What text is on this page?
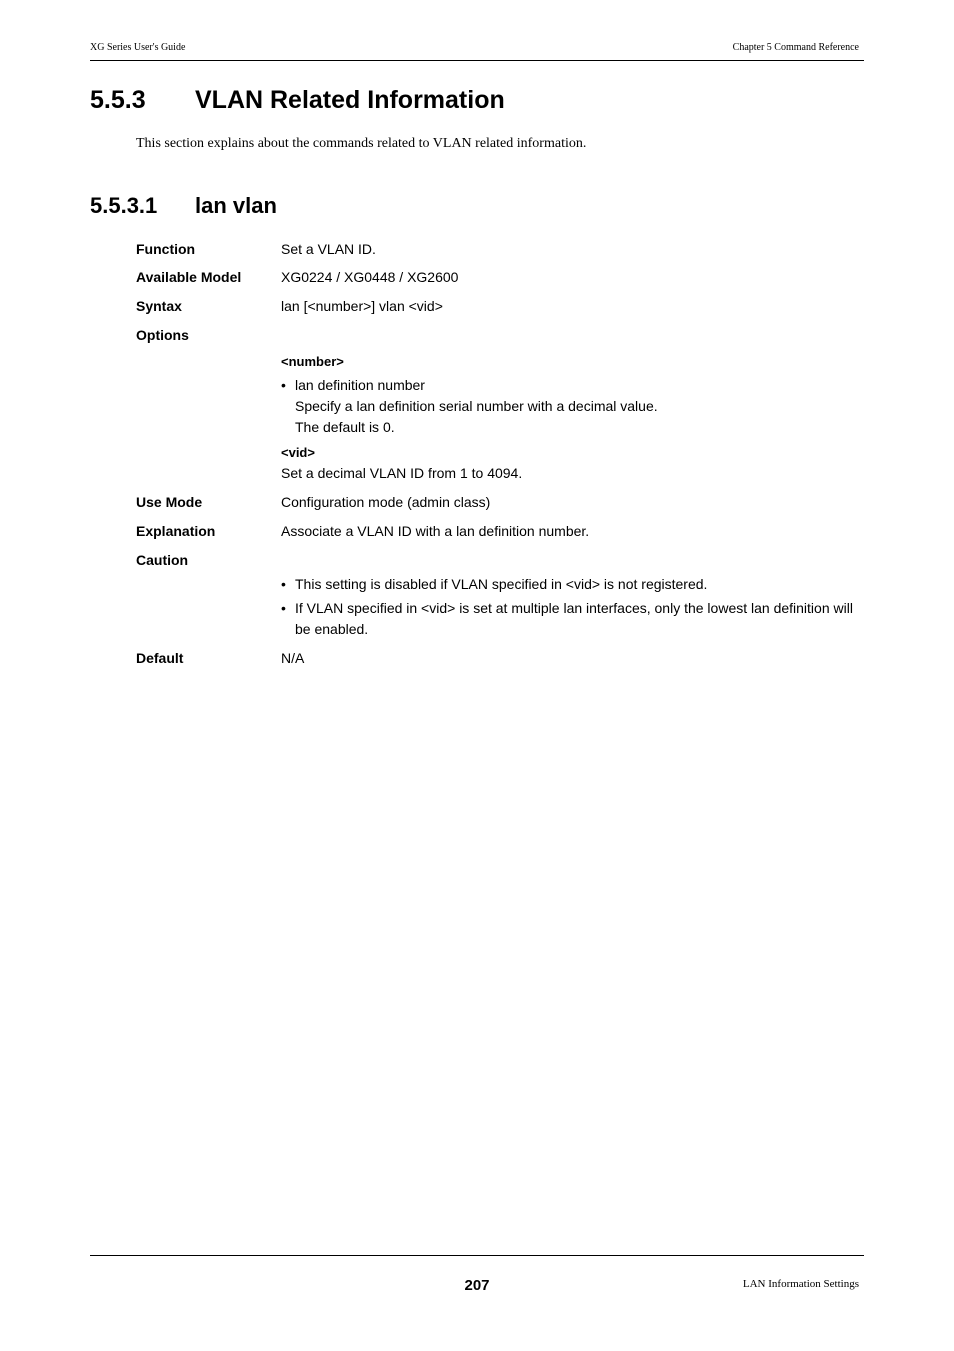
XG Series User's Guide	Chapter 5 Command Reference
5.5.3 VLAN Related Information
This section explains about the commands related to VLAN related information.
5.5.3.1 lan vlan
Function	Set a VLAN ID.
Available Model	XG0224 / XG0448 / XG2600
Syntax	lan [<number>] vlan <vid>
Options
<number>
• lan definition number
Specify a lan definition serial number with a decimal value.
The default is 0.
<vid>
Set a decimal VLAN ID from 1 to 4094.
Use Mode	Configuration mode (admin class)
Explanation	Associate a VLAN ID with a lan definition number.
Caution
• This setting is disabled if VLAN specified in <vid> is not registered.
• If VLAN specified in <vid> is set at multiple lan interfaces, only the lowest lan definition will be enabled.
Default	N/A
207	LAN Information Settings
